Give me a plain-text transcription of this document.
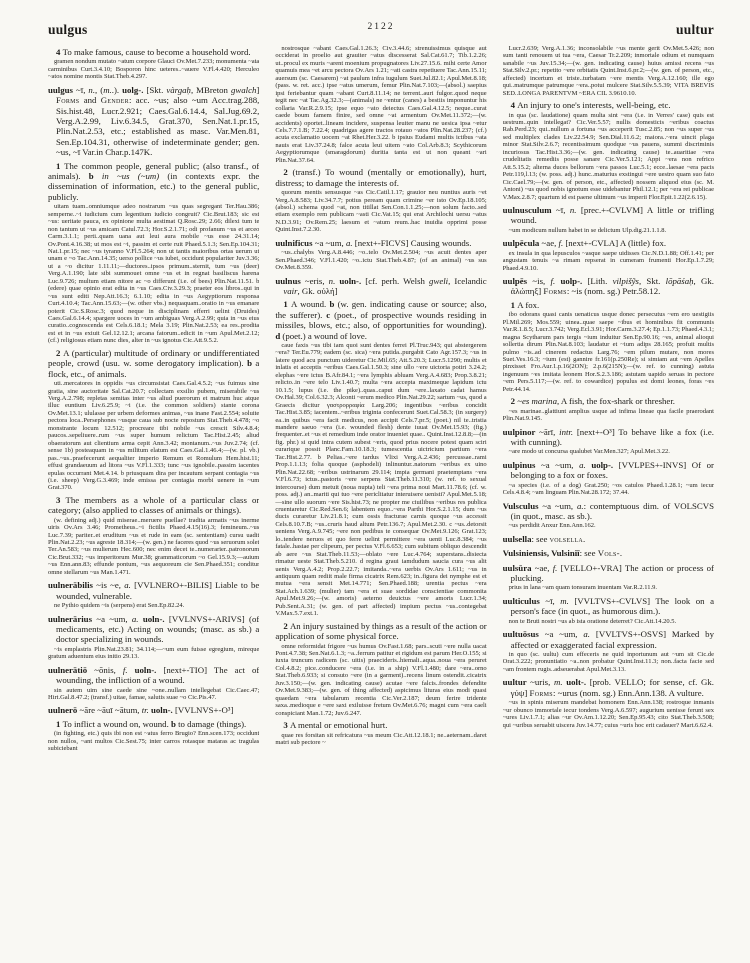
uulgus	2122	uultur

4 To make famous, cause to become a household word.

gramen nondum mutato ~atum corpore Glauci Ov.Met.7.233; monumenta ~ata carminibus Curt.3.4.10; Bosporon hinc ueteres..~auere V.Fl.4.420; Herculeo ~atos nomine montis Stat.Theb.4.297.

uulgus ~ī, n., (m..). uolg-. [Skt. vàrgaḥ, MBreton gwalch] Forms and Gender: acc. ~us; also ~um Acc.trag.288, Sis.hist.48, Lucr.2.921; Caes.Gal.6.14.4, Sal.Jug.69.2, Verg.A.2.99, Liv.6.34.5, Grat.370, Sen.Nat.1.pr.15, Plin.Nat.2.53, etc.; established as masc. Var.Men.81, Sen.Ep.104.31, otherwise of indeterminate gender; gen. ~us, ~ī Var.in Char.p.147K.

1 The common people, general public; (also transf., of animals). b in ~us (~um) (in contexts expr. the dissemination of information, etc.) to the general public, publicly.

uitam tuam..omniumque adeo nostrarum ~us quas segregant Ter.Hau.386; semperne..~i iudicium cum legentium iudicio congruit? Cic.Brut.183; sic est ~us: ueritate pauca, ex opinione multa aestimat Q.Rosc.29; 2.66; dilexi tum te non tantum ut ~us amicam Catul.72.3; Hor.S.2.1.71; odi profanum ~us et arceo Carm.3.1.1; perti..quam uana aut leui aura mobile ~us esse 24.31.14; Ov.Pont.4.16.38; ut mos est ~i, passim et certe ruit Phaed.5.1.3; Sen.Ep.104.31; Nat.1.pr.15; nec ~us tyranno V.Fl.5.264; non ut tantis maioribus ortas uerum ut unam e ~o Tac.Ann.14.35; uerso pollice ~us iubet, occidunt populariter Juv.3.36; ut a ~o dicitur 1.11.11;—ductores..ipsos primum..sternit, tum ~us (deer) Verg.A.1.190; late sibi summouet omne ~us et in regnat basiliscus harena Luc.9.726; multum etiam nitore ac ~o differunt (i.e. of bees) Plin.Nat.11.51. b (edere) quae opinio erat edita in ~us Caes.Civ.3.29.3; praeter eos libros..qui in ~us sunt editi Nep.Att.16.3; 6.1.10; edita in ~us Aegyptiorum responsa Curt.4.10.4; Tac.Ann.15.63;—(w. other vbs.) nequaquam..oratio in ~us emanare poterit Cic.S.Rosc.3; quod neque in disciplinam efferri uelint (Druides) Caes.Gal.6.14.4; spargere uoces in ~um ambiguas Verg.A.2.99; quia in ~us eius curatio..cognoscenda est Cels.6.18.1; Mela 3.19; Plin.Nat.2.53; ea res..prodita est et in ~us exiuit Gel.12.12.1; arcana fatorum..edicit in ~um Apul.Met.2.12; (cf.) religiosus etiam nunc dies, alter in ~us ignotus Cic.Att.9.5.2.

2 A (particular) multitude of ordinary or undifferentiated people, crowd (usu. w. some derogatory implication). b a flock, etc., of animals.

uti..mercatores in oppidis ~us circumsistat Caes.Gal.4.5.2; ~us fuimus sine gratia, sine auctoritate Sal.Cat.20.7; collectam exsilio pubem, miserabile ~us Verg.A.2.798; repletas semitas inter ~us aliud puerorum et matrum huc atque illuc euntium Liv.6.25.9; ~i (i.e. the common soldiers) stante corona Ov.Met.13.1; ululasse per urbem deformes animas, ~us inane Fast.2.554; soluite pectora loca..Persephones ~usque caua sub nocte repostum Stat.Theb.4.478; ~o monstrante locum 12.512; procreare tibi nobile ~us crescit Silv.4.8.4; paucos..sepeliuere..rum ~us super humum relictum Tac.Hist.2.45; aliud obaeratorum aut clientium arma cepit Ann.3.42; montanum..~us Juv.2.74; (cf. sense 1b) posteaquam in ~us militum elatum est Caes.Gal.1.46.4;—(w. pl. vb.) pas..~us..praefecerunt aequaliter imperio Remum et Romulum Hem.hist.11; effusi grandaeuum ad litora ~us V.Fl.1.333; tunc ~us ignobile..passim iacentes epulas occurrant Met.4.14. b priusquam dira per incautum serpant contagia ~us (i.e. sheep) Verg.G.3.469; inde emissa per contagia morbi uenere in ~um Grat.370.

3 The members as a whole of a particular class or category; (also applied to classes of animals or things).

(w. defining adj.) quid miserae..meruere puellae? tradita armatis ~us inerme uiris Ov.Ars 3.46; Prometheus..~i fictilis Phaed.4.15(16).3; femineum..~us Luc.7.39; pariter..et eruditum ~us et rude in eam (sc. sententiam) cursu uadit Plin.Nat.2.23; ~us agreste 18.314;—(w. gen.) ne faceres quod ~us seruorum solet Ter.An.583; ~us mulierum Hec.600; nec enim decet te..numerarier..patronorum Cic.Brut.332; ~us imperitorum Mur.38; grammaticorum ~o Gel.15.9.3;—auium ~us Enn.ann.83; effunde pontum, ~us aequoreum cie Sen.Phaed.351; conditur omne stellarum ~us Man.1.471.

uulnerābilis ~is ~e, a. [VVLNERO+-BILIS] Liable to be wounded, vulnerable.

ne Pythio quidem ~is (serpens) erat Sen.Ep.82.24.

uulnerārius ~a ~um, a. uoln-. [VVLNVS+-ARIVS] (of medicaments, etc.) Acting on wounds; (masc. as sb.) a doctor specializing in wounds.

~is emplastris Plin.Nat.23.81; 34.114;—~um eum fuisse egregium, mireque gratum aduentum eius initio 29.13.

uulnerātiō ~ōnis, f. uoln-. [next+-TIO] The act of wounding, the infliction of a wound.

sin autem uim sine caede sine ~one..nullam intellegebat Cic.Caec.47; Hirt.Gal.8.47.2; (transf.) uitae, famae, salutis suae ~o Cic.Pis.47.

uulnerō ~āre ~āuī ~ātum, tr. uoln-. [VVLNVS+-O³]

1 To inflict a wound on, wound. b to damage (things).

(in fighting, etc.) quis ibi non est ~atus ferro Brugio? Enn.scen.173; occidunt non nullos, ~ant multos Cic.Sest.75; inter carros rotasque mataras ac tragulas subiciebant

nostrosque ~abant Caes.Gal.1.26.3; Civ.3.44.6; strenuissimus quisque aut occiderat in proelio aut grauiter ~atus discesserat Sal.Cat.61.7; Tib.1.2.26; ut..procul ex muris ~arent moenium propugnatores Liv.27.15.6. mihi certe Amor quamuis mea ~et arcu pectora Ov.Ars 1.21; ~ati castra repetiuere Tac.Ann.15.11; auersum (sc. Caesarem) ~at paulum infra iugulum Suet.Jul.82.1; Apul.Met.8.18; (pass. w. ret. acc.) ipse ~atus umerum, femur Plin.Nat.7.103;—(absol.) saepius ipsi feriebantur quam ~abant Curt.8.11.14; ne terrent..auri fulgor..quod neque tegit nec ~at Tac.Ag.32.3;—(animals) ne ~entur (canes) a bestiis imponuntur his collaria Var.R.2.9.15; ipse equo ~ato deiectus Caes.Gal.4.12.5; neque..curat caede boum famem finire, sed omne ~at armentum Ov.Met.11.372;—(w. accidents) oportet..lineam incidere, suspensa leuiter manu ne uesica ipsa ~etur Cels.7.7.1.B; 7.22.4; quadrigas agere tractos rotauo ~atos Plin.Nat.28.237; (cf.) acuta exclamatio uocem ~at Rhet.Her.3.22. b ipsius Eudami multis ictibus ~ata nauis erat Liv.37.24.8; falce acuta leui uitem ~ato Col.Arb.8.3; Scythicorum Aegyptiorumque (smaragdorum) duritia tanta est ut non queant ~ari Plin.Nat.37.64.

2 (transf.) To wound (mentally or emotionally), hurt, distress; to damage the interests of.

quorum mentis sensusque ~as Cic.Catil.1.17; grauior neu nuntius auris ~et Verg.A.8.583; Liv.34.7.7; potius peream quam crimine ~er isto Ov.Ep.18.105; (absol.) schema quod ~at, non titillat Sen.Con.1.1.25;—non solum facto..sed etiam exemplo rem publicam ~asti Cic.Vat.15; qui erat Archilochi uersu ~atus N.D.3.91; Ov.Rem.25; laesum et ~atum reum..hac inuidia opprimi posse Quint.Inst.7.2.30.

uulnificus ~a ~um, a. [next+-FICVS] Causing wounds.

~us..chalybs Verg.A.8.446; ~o..telo Ov.Met.2.504; ~us acuit dentes aper Sen.Phaed.346; V.Fl.1.420; ~o..ictu Stat.Theb.4.87; (of an animal) ~us sus Ov.Met.8.359.

uulnus ~eris, n. uoln-. [cf. perh. Welsh gweli, Icelandic vair, Gk. οὐλή]

1 A wound. b (w. gen. indicating cause or source; also, the sufferer). c (poet., of prospective wounds residing in missiles, blows, etc.; also, of opportunities for wounding). d (poet.) a wound of love.

caue faxis ~us tibi iam quoi sunt dentes ferrei Pl.Truc.943; qui abstergerem ~era? Ter.Eu.779; eadem (sc. sica) ~era putida..purgabit Cato Agr.157.3; ~us in latere quod acu punctum uideretur Cic.Mil.65; Att.5.20.3; Lucr.5.1290; multis et inlatis et acceptis ~eribus Caes.Gal.1.50.3; sine ullo ~ere uictoria potiri 3.24.2; elephas ~ere ictus B.Afr.84.1; ~era lymphis abluam Verg.A.4.683; Prop.3.8.21; relicto..in ~ere telo Liv.1.40.7; multa ~era accepta maximeque lapidum ictu 10.1.5; lupus (i.e. the pike)..quas..caput dum ~ere..laxato cadat hamus Ov.Hal.39; Col.6.32.3; Alconti ~erum medico Plin.Nat.29.22; sartum ~us, quod a Graecis dicitur γαστρορραφία Larg.206; ingentibus ~eribus concidit Tac.Hist.3.85; iacentem..~eribus triginta confecerunt Suet.Cal.58.3; (in surgery) ea..in quibus ~era facit medicus, non accipit Cels.7.pr.5; (poet.) nil te..tristia mandere saeuo ~era (i.e. wounded flesh) dente iuuat Ov.Met.15.93; (fig.) frequenter..et ~us et remedium inde orator inueniet quae.. Quint.Inst.12.8.8;—(in fig. phr.) si quid intra cutem subest ~eris, quod prius nocere potest quam sciri curarique possit Planc.Fam.10.18.3; tumescentia uictricium partium ~era Tac.Hist.2.77. b Pelias..~ere tardus Vlixi Verg.A.2.436; percussae..rami Prop.1.1.13; folia quoque (asphodeli) inlinuntur..natorum ~eribus ex uino Plin.Nat.22.68; ~eribus ustrinarum 29.114; impia germani praetemptans ~era V.Fl.6.73; ictus..pastoris ~ere serpens Stat.Theb.11.310; (w. ref. to sexual intercourse) dum metuit (noua nupta) teli ~era prima noui Mart.11.78.6; (cf. w. poss. adj.) an..mariti qui tuo ~ere periclitatur interuisere uenisti? Apul.Met.5.18;—sine ullo suorum ~ere Sis.hist.73; ne propter me ciuilibus ~eribus res publica cruentaretur Cic.Red.Sen.6; labentem equo..~era Parthi Hor.S.2.1.15; dum ~us ducis curaretur Liv.21.8.1; cum ossis fracturae carnis quoque ~us accessit Cels.8.10.7.B; ~us..cruris haud altum Petr.136.7; Apul.Met.2.30. c ~us..detorsit ueniens Verg.A.9.745; ~ere non pedibus te consequar Ov.Met.9.126; Grat.123; lo..tendere neruos et quo ferre uelint permittere ~era uenti Luc.8.384; ~us fatale..hastae per clipeum, per pectus V.Fl.6.653; cum subitum obliquo descendit ab aere ~us Stat.Theb.11.53;—oblato ~ere Luc.4.764; superstans..disiecta rimatur ueste Stat.Theb.5.210. d regina graui iamdudum saucia cura ~us alit uenis Verg.A.4.2; Prop.2.22.7; imitanda..~era uerbis Ov.Ars 1.611; ~us in antiquum quam rediit male firma cicatrix Rem.623; in..figura dei nymphe est et mutua ~era sensit Met.14.771; Sen.Phaed.188; urentia pectus ~era Stat.Ach.1.639; (mulier) tam ~era et suae sordidae conscientiae commonita Apul.Met.9.26;—(w. amoris) aeterno deuictus ~ere amoris Lucr.1.34; Pub.Sent.A.31; (w. gen. of part affected) impium pectus ~us..contegebat V.Max.5.7.ext.1.

2 An injury sustained by things as a result of the action or application of some physical force.

omne reformidat frigore ~us humus Ov.Fast.1.68; pars..scuti ~ere nulla uacat Pont.4.7.38; Sen.Nat.6.1.3; ~a..ferrum patitur et rigidum est parum Her.O.155; si iuxta truncum radicem (sc. uitis) praecideris..hiemali..aqua..noua ~era peruret Col.4.8.2; pice..conducere ~era (i.e. in a ship) V.Fl.1.480; dare ~era..orno Stat.Theb.6.933; si consuto ~ere (in a garment)..recens linum ostendit..cicatrix Juv.3.150;—(w. gen. indicating cause) acutae ~ere falcis..frondes defendite Ov.Met.9.383;—(w. gen. of thing affected) aspicimus lituras eius modi quasi quaedam ~era tabularum recentia Cic.Ver.2.187; deum ferire tridente saxa..medioque e ~ere saxi exiluisse fretum Ov.Met.6.76; magni cum ~era caeli conspiciant Man.1.72; Juv.6.247.

3 A mental or emotional hurt.

quae res forsitan sit refricatura ~us meum Cic.Att.12.18.1; ne..aeternam..daret matri sub pectore ~

Lucr.2.639; Verg.A.1.36; inconsolabile ~us mente gerit Ov.Met.5.426; non sum tanti renouem ut tua ~era, Caesar Tr.2.209; inmortale odium et numquam sanabile ~us Juv.15.34;—(w. gen. indicating cause) huius amissi recens ~us Stat.Silv.2.pr.; repetito ~ere orbitatis Quint.Inst.6.pr.2;—(w. gen. of person, etc., affected) incertum et triste..turbatam ~ere mentis Verg.A.12.160; ille ego qui..matrumque patrumque ~era..potui mulcere Stat.Silv.5.5.39; VITA BREVIS SED..LONGA PARENTVM ~ERA CIL 3.9610.10.

4 An injury to one's interests, well-being, etc.

in qua (sc. laudatione) quam multa sint ~era (i.e. in Verres' case) quis est uestrum..quin intellegat? Cic.Ver.5.57; nullis domesticis ~eribus coactus Rab.Perd.23; qui..nullum a fortuna ~us acceperit Tusc.2.85; non ~us super ~us sed multiplex clades Liv.22.54.9; Sen.Dial.11.6.2; maiora..~era uincit plaga minor Stat.Silv.2.6.7; recentissimum quodque ~us pauens, summi discriminis incuriosus Tac.Hist.3.36;—(w. gen. indicating cause) te..auaritiae ~era crudelitatis remediis posse sanare Cic.Ver.5.121; Appi ~era non refrico Att.5.15.2; alterna duces bellorum ~era passos Luc.5.1; ecce..laesae ~era pacis Petr.119,l.13; (w. poss. adj.) hunc..maturius exstingui ~ere uestro quam suo fato Cic.Cael.79;—(w. gen. of person, etc., affected) nossem aliquod eius (sc. M. Antoni) ~us quod nobis ignotum esse uidebantur Phil.12.1; per ~era rei publicae V.Max.2.8.7; quartum id est paene ultimum ~us imperii Flor.Epit.1.22(2.6.15).

uulnusculum ~ī, n. [prec.+-CVLVM] A little or trifling wound.

~um modicum nullum habet in se delictum Ulp.dig.21.1.1.8.

uulpēcula ~ae, f. [next+-CVLA] A (little) fox.

ex insula in qua lepusculos ~asque saepe uidisses Cic.N.D.1.88; Off.1.41; per angustam tenuis ~a rimam repserat in cumeram frumenti Hor.Ep.1.7.29; Phaed.4.9.10.

uulpēs ~is, f. uolp-. [Lith. vilpišỹs, Skt. lōpāśaḥ, Gk. ἀλώπηξ] Forms: ~is (nom. sg.) Petr.58.12.

1 A fox.

ibo odorans quasi canis uenaticus usque donec persecutus ~em ero uestigiis Pl.Mil.269; Mos.559; uinea..quae saepe ~ibus et hominibus fit communis Var.R.1.8.5; Lucr.3.742; Verg.Ecl.3.91; Hor.Carm.3.27.4; Ep.1.1.73; Phaed.4.3.1; magna Scytharum pars tergis ~ium induitur Sen.Ep.90.16; ~es, animal alioqui sollertia dirum Plin.Nat.8.103; laudatur et ~ium adips 28.165; profuit multis pulmo ~is..ad cinerem redactus Larg.76; ~em pilum mutare, non mores Suet.Ves.16.3; ~ium (est) gannire fr.161(p.250Re); si simiam aut ~em Apelles pinxisset Fro.Aur.1.p.16(2ON); 2.p.6(215N);—(w. ref. to cunning) astuta ingenuum ~es imitata leonem Hor.S.2.3.186; astutam uapido seruas in pectore ~em Pers.5.117;—(w. ref. to cowardice) populus est domi leones, foras ~es Petr.44.14.

2 ~es marina, A fish, the fox-shark or thresher.

~es marinae..glattiunt amplius usque ad infima lineae qua facile praerodant Plin.Nat.9.145.

uulpinor ~ārī, intr. [next+-O³] To behave like a fox (i.e. with cunning).

~are modo ut concursa qualubet Var.Men.327; Apul.Met.3.22.

uulpinus ~a ~um, a. uolp-. [VVLPES+-INVS] Of or belonging to a fox or foxes.

~a species (i.e. of a dog) Grat.250; ~os catulos Phaed.1.28.1; ~um iecur Cels.4.8.4; ~am linguam Plin.Nat.28.172; 37.44.

Vulsculus ~a ~um, a.: contemptuous dim. of VOLSCVS (in quot., masc. as sb.).

~us perdidit Anxur Enn.Ann.162.

uulsella: see volsella.

Vulsiniensis, Vulsiniī: see Vols-.

uulsūra ~ae, f. [VELLO+-VRA] The action or process of plucking.

prius in lana ~am quam tonsuram inuentam Var.R.2.11.9.

uulticulus ~ī, m. [VVLTVS+-CVLVS] The look on a person's face (in quot., as humorous dim.).

non te Bruti nostri ~us ab ista oratione deterret? Cic.Att.14.20.5.

uultuōsus ~a ~um, a. [VVLTVS+-OSVS] Marked by affected or exaggerated facial expression.

in quo (sc. uultu) cum effeceris ne quid inportunum aut ~um sit Cic.de Orat.3.222; pronuntiatio ~a..non probatur Quint.Inst.11.3; non..facta facie sed ~am frontem rugis..adseuerabat Apul.Met.3.13.

uultur ~uris, m. uolt-. [prob. VELLO; for sense, cf. Gk. γύψ] Forms: ~urus (nom. sg.) Enn.Ann.138. A vulture.

~us in spinis miserum mandebat homonem Enn.Ann.138; rostroque inmanis ~ur obunco immortale iecur tondens Verg.A.6.597; augurium uenisse ferunt sex ~ures Liv.1.7.1; alias ~ur Ov.Am.1.12.20; Sen.Ep.95.43; cito Stat.Theb.3.508; qui ~uribus seruabit uiscera Juv.14.77; cuius ~uris hoc erit cadauer? Mart.6.62.4.
